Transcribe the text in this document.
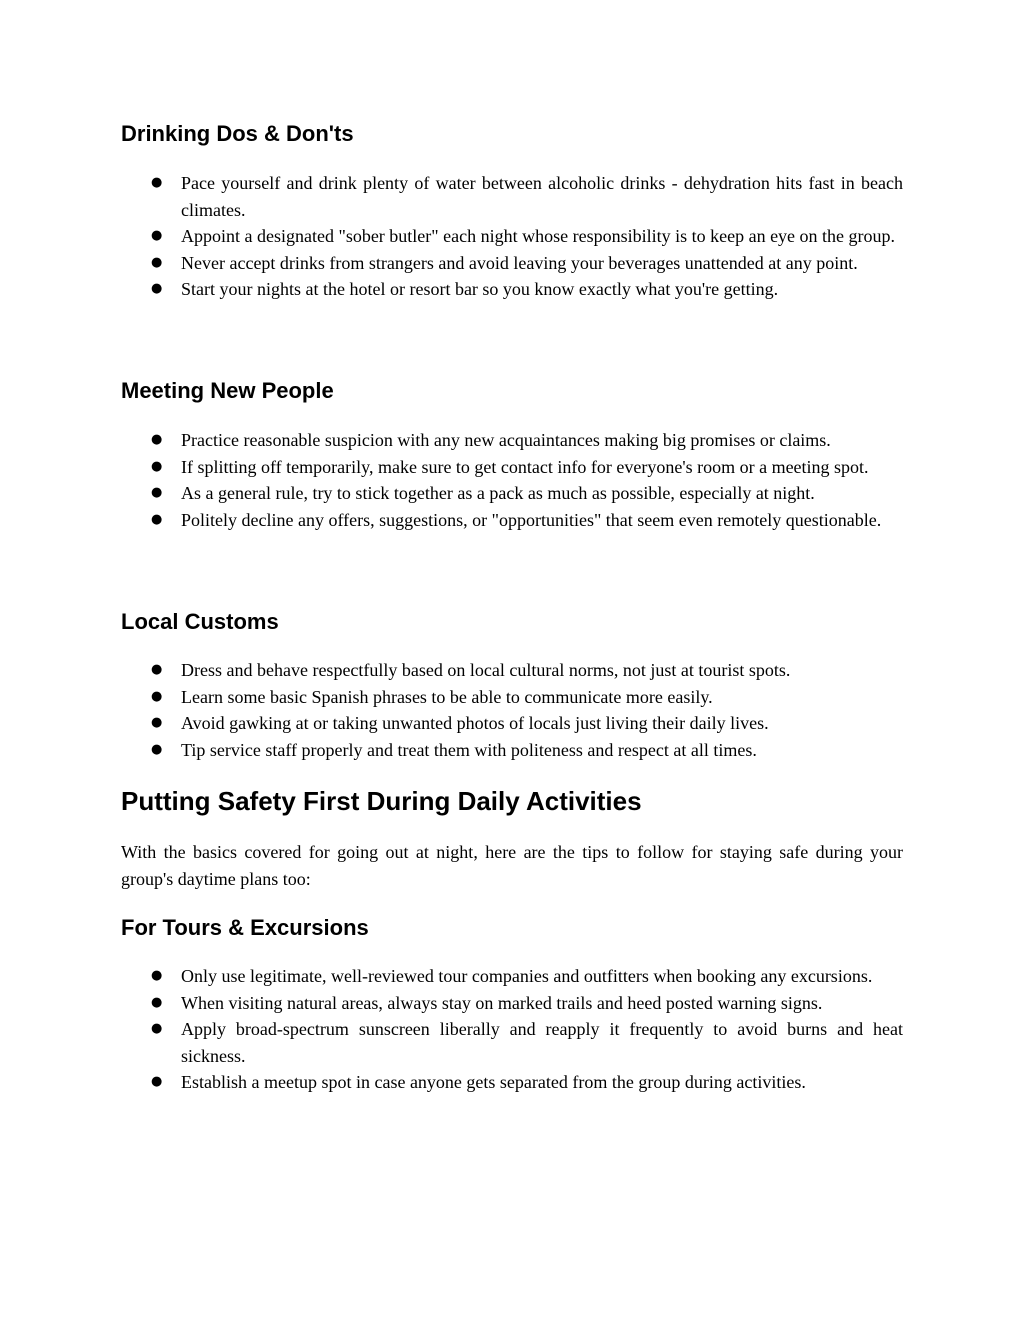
Drinking Dos & Don'ts
● Pace yourself and drink plenty of water between alcoholic drinks - dehydration hits fast in beach climates.
● Appoint a designated "sober butler" each night whose responsibility is to keep an eye on the group.
● Never accept drinks from strangers and avoid leaving your beverages unattended at any point.
● Start your nights at the hotel or resort bar so you know exactly what you're getting.
Meeting New People
● Practice reasonable suspicion with any new acquaintances making big promises or claims.
● If splitting off temporarily, make sure to get contact info for everyone's room or a meeting spot.
● As a general rule, try to stick together as a pack as much as possible, especially at night.
● Politely decline any offers, suggestions, or "opportunities" that seem even remotely questionable.
Local Customs
● Dress and behave respectfully based on local cultural norms, not just at tourist spots.
● Learn some basic Spanish phrases to be able to communicate more easily.
● Avoid gawking at or taking unwanted photos of locals just living their daily lives.
● Tip service staff properly and treat them with politeness and respect at all times.
Putting Safety First During Daily Activities

With the basics covered for going out at night, here are the tips to follow for staying safe during your group's daytime plans too:

For Tours & Excursions
● Only use legitimate, well-reviewed tour companies and outfitters when booking any excursions.
● When visiting natural areas, always stay on marked trails and heed posted warning signs.
● Apply broad-spectrum sunscreen liberally and reapply it frequently to avoid burns and heat sickness.
● Establish a meetup spot in case anyone gets separated from the group during activities.
